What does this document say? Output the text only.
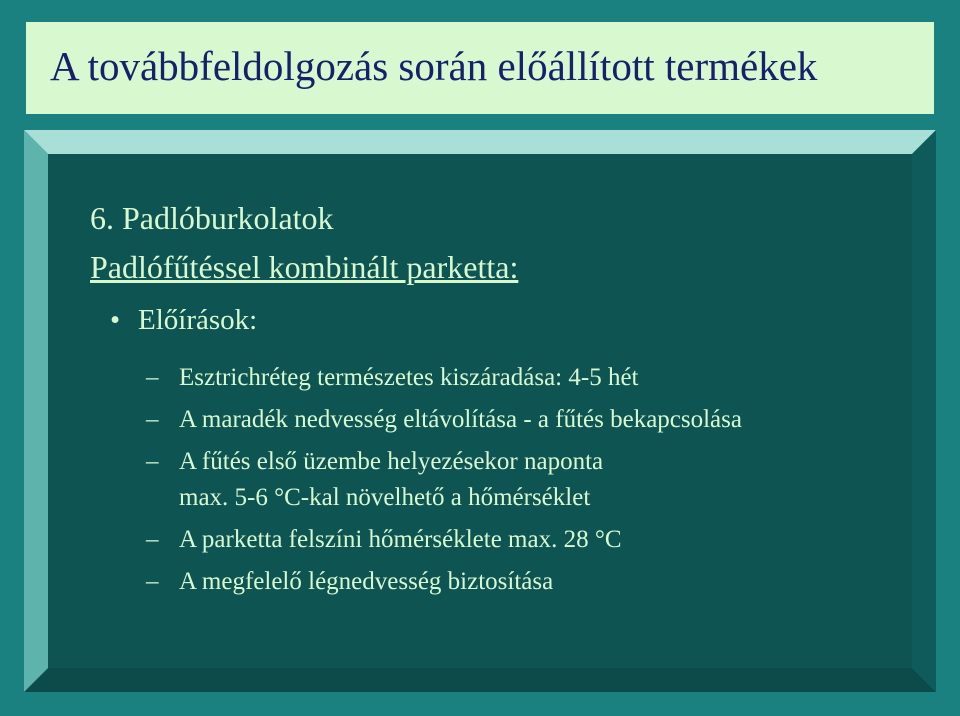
A továbbfeldolgozás során előállított termékek
6. Padlóburkolatok
Padlófűtéssel kombinált parketta:
• Előírások:
– Esztrichréteg természetes kiszáradása: 4-5 hét
– A maradék nedvesség eltávolítása - a fűtés bekapcsolása
– A fűtés első üzembe helyezésekor naponta
max. 5-6 °C-kal növelhető a hőmérséklet
– A parketta felszíni hőmérséklete max. 28 °C
– A megfelelő légnedvesség biztosítása
